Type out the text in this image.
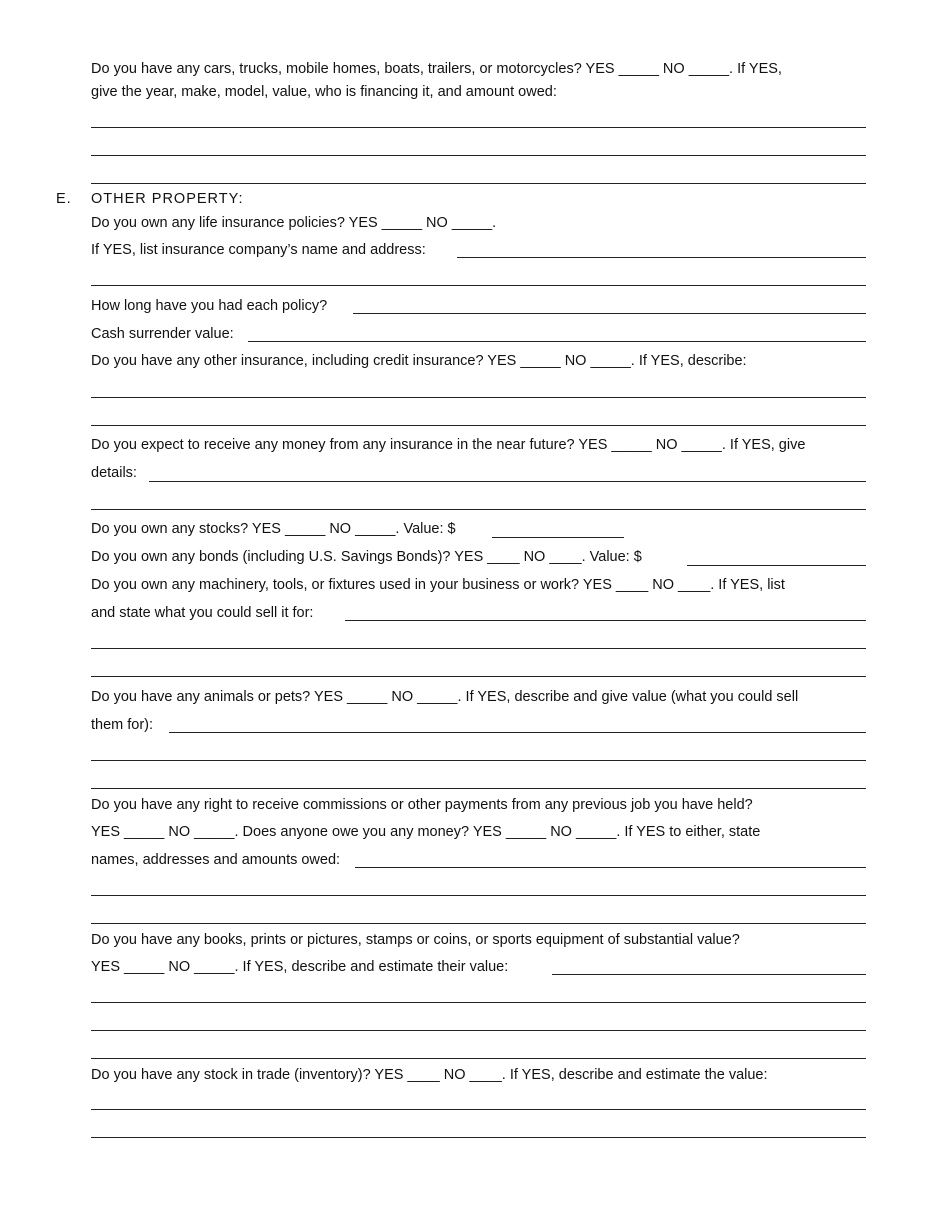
Do you have any cars, trucks, mobile homes, boats, trailers, or motorcycles? YES _____ NO _____. If YES,
give the year, make, model, value, who is financing it, and amount owed:
E. OTHER PROPERTY:
Do you own any life insurance policies? YES _____ NO _____.
If YES, list insurance company’s name and address:
How long have you had each policy?
Cash surrender value:
Do you have any other insurance, including credit insurance? YES _____ NO _____. If YES, describe:
Do you expect to receive any money from any insurance in the near future? YES _____ NO _____. If YES, give
details:
Do you own any stocks? YES _____ NO _____. Value: $
Do you own any bonds (including U.S. Savings Bonds)? YES ____ NO ____. Value: $
Do you own any machinery, tools, or fixtures used in your business or work? YES ____ NO ____. If YES, list
and state what you could sell it for:
Do you have any animals or pets? YES _____ NO _____. If YES, describe and give value (what you could sell
them for):
Do you have any right to receive commissions or other payments from any previous job you have held?
YES _____ NO _____. Does anyone owe you any money? YES _____ NO _____. If YES to either, state
names, addresses and amounts owed:
Do you have any books, prints or pictures, stamps or coins, or sports equipment of substantial value?
YES _____ NO _____. If YES, describe and estimate their value:
Do you have any stock in trade (inventory)? YES ____ NO ____. If YES, describe and estimate the value:
